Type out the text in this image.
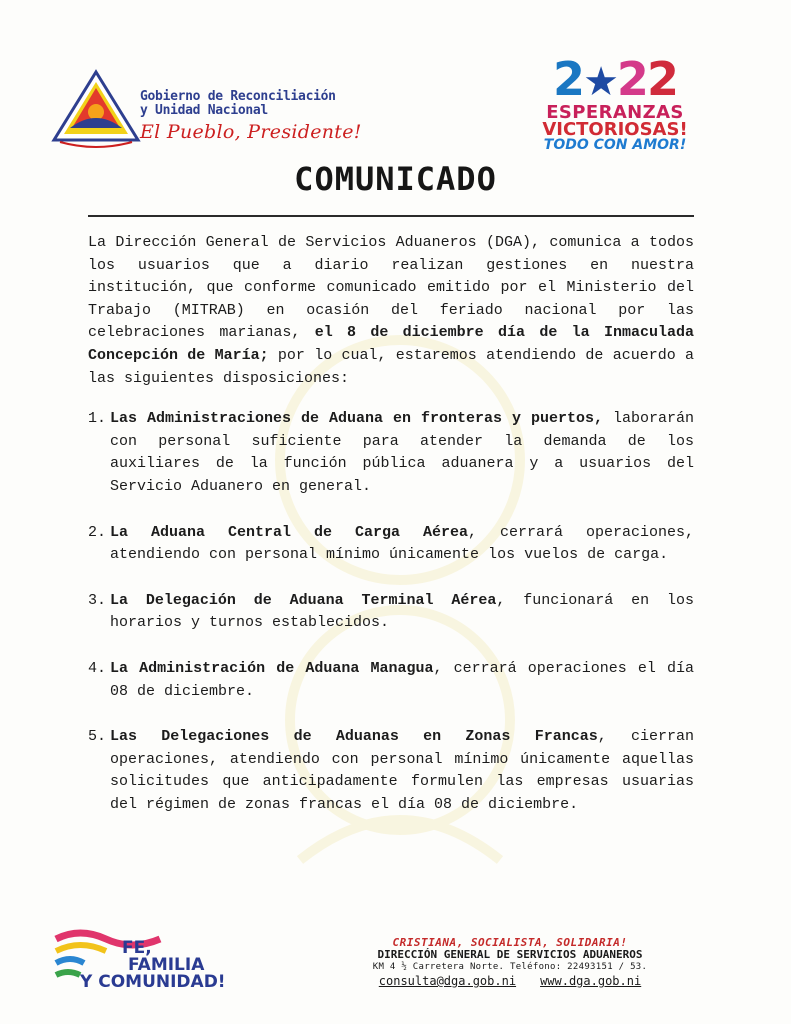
Gobierno de Reconciliación
y Unidad Nacional
El Pueblo, Presidente!
2★22
ESPERANZAS
VICTORIOSAS!
TODO CON AMOR!
COMUNICADO

La Dirección General de Servicios Aduaneros (DGA), comunica a todos los usuarios que a diario realizan gestiones en nuestra institución, que conforme comunicado emitido por el Ministerio del Trabajo (MITRAB) en ocasión del feriado nacional por las celebraciones marianas, el 8 de diciembre día de la Inmaculada Concepción de María; por lo cual, estaremos atendiendo de acuerdo a las siguientes disposiciones:

1. Las Administraciones de Aduana en fronteras y puertos, laborarán con personal suficiente para atender la demanda de los auxiliares de la función pública aduanera y a usuarios del Servicio Aduanero en general.
2. La Aduana Central de Carga Aérea, cerrará operaciones, atendiendo con personal mínimo únicamente los vuelos de carga.
3. La Delegación de Aduana Terminal Aérea, funcionará en los horarios y turnos establecidos.
4. La Administración de Aduana Managua, cerrará operaciones el día 08 de diciembre.
5. Las Delegaciones de Aduanas en Zonas Francas, cierran operaciones, atendiendo con personal mínimo únicamente aquellas solicitudes que anticipadamente formulen las empresas usuarias del régimen de zonas francas el día 08 de diciembre.
FE,
FAMILIA
Y COMUNIDAD!
CRISTIANA, SOCIALISTA, SOLIDARIA!
DIRECCIÓN GENERAL DE SERVICIOS ADUANEROS
KM 4 ½ Carretera Norte. Teléfono: 22493151 / 53.
consulta@dga.gob.ni www.dga.gob.ni
